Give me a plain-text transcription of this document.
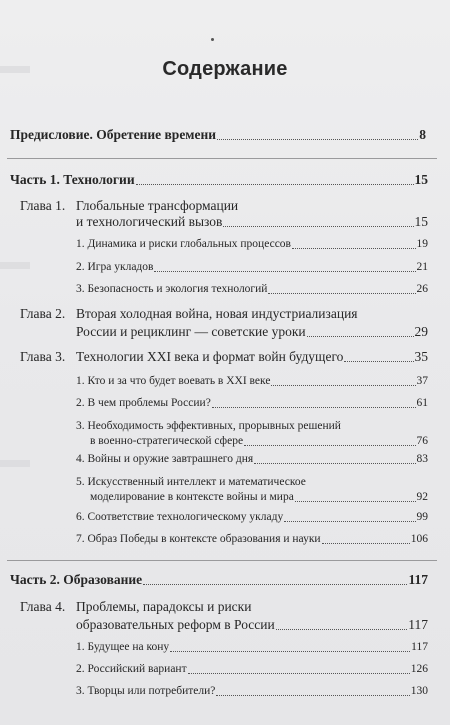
Содержание
Предисловие. Обретение времени	8
Часть 1. Технологии	15
Глава 1. Глобальные трансформации
и технологический вызов	15
1. Динамика и риски глобальных процессов	19
2. Игра укладов	21
3. Безопасность и экология технологий	26
Глава 2. Вторая холодная война, новая индустриализация
России и рециклинг — советские уроки	29
Глава 3. Технологии XXI века и формат войн будущего	35
1. Кто и за что будет воевать в XXI веке	37
2. В чем проблемы России?	61
3. Необходимость эффективных, прорывных решений
в военно-стратегической сфере	76
4. Войны и оружие завтрашнего дня	83
5. Искусственный интеллект и математическое
моделирование в контексте войны и мира	92
6. Соответствие технологическому укладу	99
7. Образ Победы в контексте образования и науки	106
Часть 2. Образование	117
Глава 4. Проблемы, парадоксы и риски
образовательных реформ в России	117
1. Будущее на кону	117
2. Российский вариант	126
3. Творцы или потребители?	130
